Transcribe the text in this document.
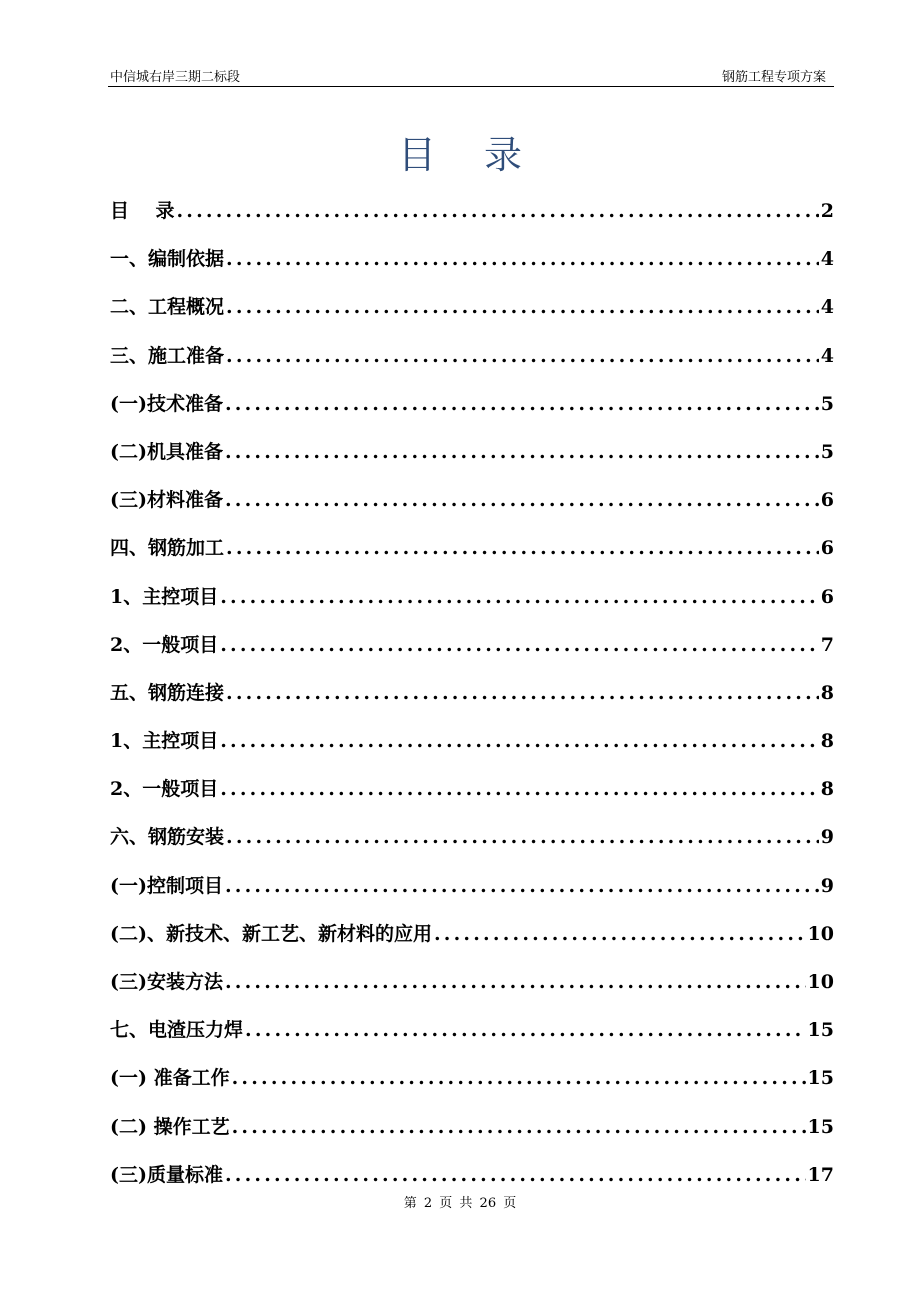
中信城右岸三期二标段	钢筋工程专项方案
目录
目    录 .....	2
一、编制依据 .....	4
二、工程概况 .....	4
三、施工准备 .....	4
(一)技术准备 .....	5
(二)机具准备 .....	5
(三)材料准备 .....	6
四、钢筋加工 .....	6
1、主控项目 .....	6
2、一般项目 .....	7
五、钢筋连接 .....	8
1、主控项目 .....	8
2、一般项目 .....	8
六、钢筋安装 .....	9
(一)控制项目 .....	9
(二)、新技术、新工艺、新材料的应用 .....	10
(三)安装方法 .....	10
七、电渣压力焊 .....	15
(一) 准备工作 .....	15
(二) 操作工艺 .....	15
(三)质量标准 .....	17
第 2 页 共 26 页
